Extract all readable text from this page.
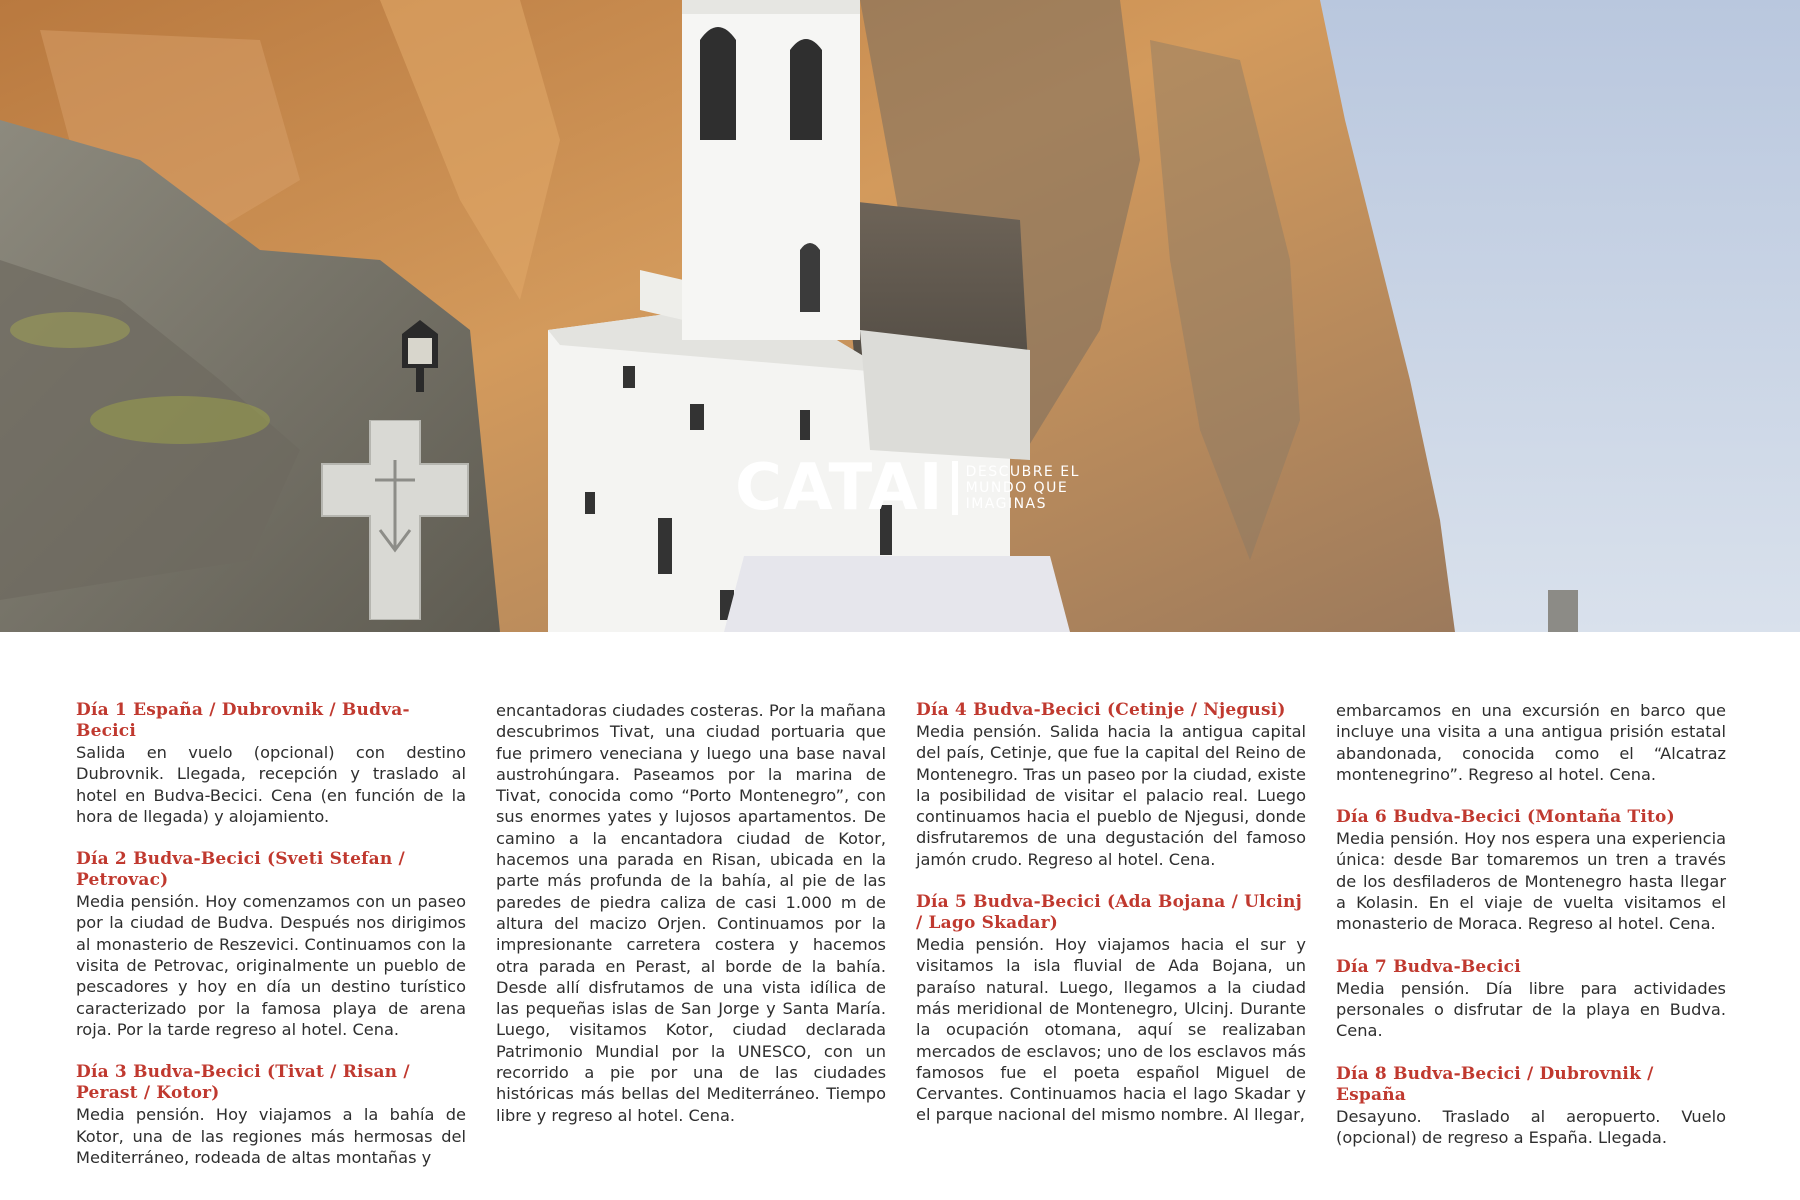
CATAI DESCUBRE EL
MUNDO QUE
IMAGINAS
Día 1 España / Dubrovnik / Budva-Becici

Salida en vuelo (opcional) con destino Dubrovnik. Llegada, recepción y traslado al hotel en Budva-Becici. Cena (en función de la hora de llegada) y alojamiento.

Día 2 Budva-Becici (Sveti Stefan / Petrovac)

Media pensión. Hoy comenzamos con un paseo por la ciudad de Budva. Después nos dirigimos al monasterio de Reszevici. Continuamos con la visita de Petrovac, originalmente un pueblo de pescadores y hoy en día un destino turístico caracterizado por la famosa playa de arena roja. Por la tarde regreso al hotel. Cena.

Día 3 Budva-Becici (Tivat / Risan / Perast / Kotor)

Media pensión. Hoy viajamos a la bahía de Kotor, una de las regiones más hermosas del Mediterráneo, rodeada de altas montañas y

encantadoras ciudades costeras. Por la mañana descubrimos Tivat, una ciudad portuaria que fue primero veneciana y luego una base naval austrohúngara. Paseamos por la marina de Tivat, conocida como “Porto Montenegro”, con sus enormes yates y lujosos apartamentos. De camino a la encantadora ciudad de Kotor, hacemos una parada en Risan, ubicada en la parte más profunda de la bahía, al pie de las paredes de piedra caliza de casi 1.000 m de altura del macizo Orjen. Continuamos por la impresionante carretera costera y hacemos otra parada en Perast, al borde de la bahía. Desde allí disfrutamos de una vista idílica de las pequeñas islas de San Jorge y Santa María. Luego, visitamos Kotor, ciudad declarada Patrimonio Mundial por la UNESCO, con un recorrido a pie por una de las ciudades históricas más bellas del Mediterráneo. Tiempo libre y regreso al hotel. Cena.

Día 4 Budva-Becici (Cetinje / Njegusi)

Media pensión. Salida hacia la antigua capital del país, Cetinje, que fue la capital del Reino de Montenegro. Tras un paseo por la ciudad, existe la posibilidad de visitar el palacio real. Luego continuamos hacia el pueblo de Njegusi, donde disfrutaremos de una degustación del famoso jamón crudo. Regreso al hotel. Cena.

Día 5 Budva-Becici (Ada Bojana / Ulcinj / Lago Skadar)

Media pensión. Hoy viajamos hacia el sur y visitamos la isla fluvial de Ada Bojana, un paraíso natural. Luego, llegamos a la ciudad más meridional de Montenegro, Ulcinj. Durante la ocupación otomana, aquí se realizaban mercados de esclavos; uno de los esclavos más famosos fue el poeta español Miguel de Cervantes. Continuamos hacia el lago Skadar y el parque nacional del mismo nombre. Al llegar,

embarcamos en una excursión en barco que incluye una visita a una antigua prisión estatal abandonada, conocida como el “Alcatraz montenegrino”. Regreso al hotel. Cena.

Día 6 Budva-Becici (Montaña Tito)

Media pensión. Hoy nos espera una experiencia única: desde Bar tomaremos un tren a través de los desfiladeros de Montenegro hasta llegar a Kolasin. En el viaje de vuelta visitamos el monasterio de Moraca. Regreso al hotel. Cena.

Día 7 Budva-Becici

Media pensión. Día libre para actividades personales o disfrutar de la playa en Budva. Cena.

Día 8 Budva-Becici / Dubrovnik / España

Desayuno. Traslado al aeropuerto. Vuelo (opcional) de regreso a España. Llegada.
